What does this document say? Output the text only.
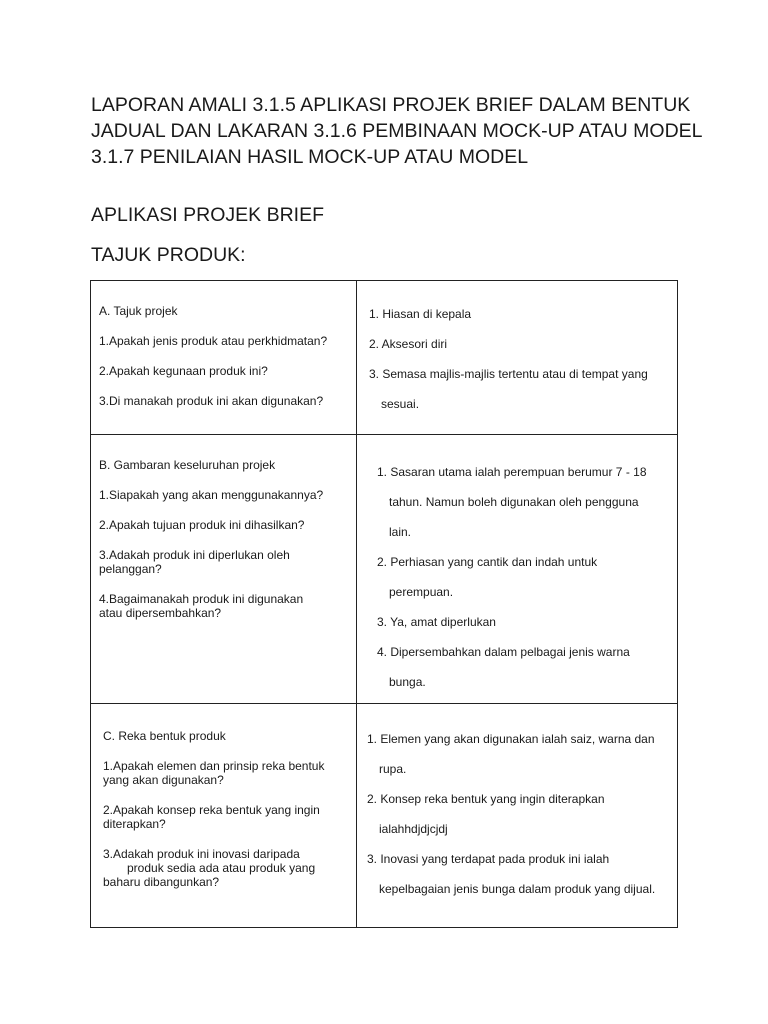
LAPORAN AMALI 3.1.5 APLIKASI PROJEK BRIEF DALAM BENTUK
JADUAL DAN LAKARAN 3.1.6 PEMBINAAN MOCK-UP ATAU MODEL
3.1.7 PENILAIAN HASIL MOCK-UP ATAU MODEL
APLIKASI PROJEK BRIEF
TAJUK PRODUK:

A. Tajuk projek

1.Apakah jenis produk atau perkhidmatan?

2.Apakah kegunaan produk ini?

3.Di manakah produk ini akan digunakan?

1. Hiasan di kepala

2. Aksesori diri

3. Semasa majlis-majlis tertentu atau di tempat yang

sesuai.

B. Gambaran keseluruhan projek

1.Siapakah yang akan menggunakannya?

2.Apakah tujuan produk ini dihasilkan?

3.Adakah produk ini diperlukan oleh
pelanggan?

4.Bagaimanakah produk ini digunakan
atau dipersembahkan?

1. Sasaran utama ialah perempuan berumur 7 - 18

tahun. Namun boleh digunakan oleh pengguna

lain.

2. Perhiasan yang cantik dan indah untuk

perempuan.

3. Ya, amat diperlukan

4. Dipersembahkan dalam pelbagai jenis warna

bunga.

C. Reka bentuk produk

1.Apakah elemen dan prinsip reka bentuk
yang akan digunakan?

2.Apakah konsep reka bentuk yang ingin
diterapkan?

3.Adakah produk ini inovasi daripada
produk sedia ada atau produk yang
baharu dibangunkan?

1. Elemen yang akan digunakan ialah saiz, warna dan

rupa.

2. Konsep reka bentuk yang ingin diterapkan

ialahhdjdjcjdj

3. Inovasi yang terdapat pada produk ini ialah

kepelbagaian jenis bunga dalam produk yang dijual.
